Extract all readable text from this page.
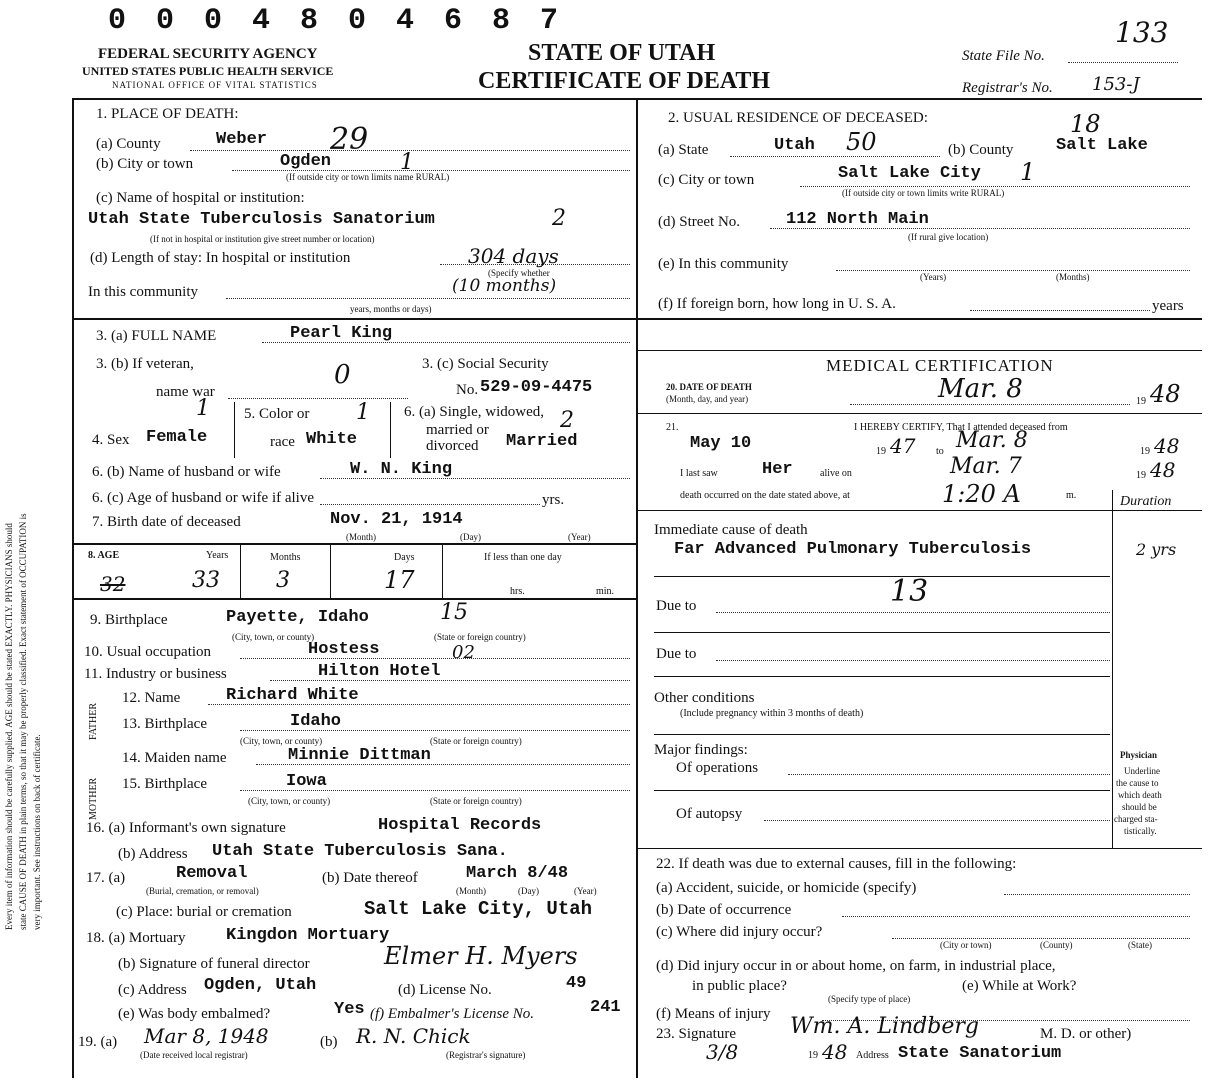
Every item of information should be carefully supplied. AGE should be stated EXACTLY. PHYSICIANS should state CAUSE OF DEATH in plain terms, so that it may be properly classified. Exact statement of OCCUPATION is very important. See instructions on back of certificate.
0 0 0 4 8 0 4 6 8 7	133
FEDERAL SECURITY AGENCY
UNITED STATES PUBLIC HEALTH SERVICE
NATIONAL OFFICE OF VITAL STATISTICS
STATE OF UTAH
CERTIFICATE OF DEATH
State File No.
Registrar's No. 153-J
1. PLACE OF DEATH:
(a) County	Weber 29
(b) City or town	Ogden	1
(If outside city or town limits name RURAL)
(c) Name of hospital or institution:
Utah State Tuberculosis Sanatorium	2
(If not in hospital or institution give street number or location)
(d) Length of stay: In hospital or institution	304 days
(Specify whether
In this community	(10 months)
years, months or days)
3. (a) FULL NAME	Pearl King
3. (b) If veteran,
name war
0	3. (c) Social Security
No. 529-09-4475
4. Sex Female
1 5. Color or
race White
1 6. (a) Single, widowed,
married or
divorced Married
2
6. (b) Name of husband or wife	W. N. King
6. (c) Age of husband or wife if alive	yrs.
7. Birth date of deceased	Nov. 21, 1914
(Month)	(Day)	(Year)
8. AGE	Years	Months	Days	If less than one day
32	33	3	17	hrs.	min.
9. Birthplace	Payette, Idaho	15
(City, town, or county)	(State or foreign country)
10. Usual occupation	Hostess	02
11. Industry or business	Hilton Hotel
FATHER
MOTHER
12. Name	Richard White
13. Birthplace	Idaho
(City, town, or county)	(State or foreign country)
14. Maiden name	Minnie Dittman
15. Birthplace	Iowa
(City, town, or county)	(State or foreign country)
16. (a) Informant's own signature	Hospital Records
(b) Address Utah State Tuberculosis Sana.
17. (a)	Removal
(Burial, cremation, or removal)
(b) Date thereof	March 8/48
(Month)	(Day)	(Year)
(c) Place: burial or cremation	Salt Lake City, Utah
18. (a) Mortuary Kingdon Mortuary
(b) Signature of funeral director	Elmer H. Myers
(c) Address Ogden, Utah	(d) License No.	49
(e) Was body embalmed?	Yes (f) Embalmer's License No.	241
19. (a) Mar 8, 1948	(b) R. N. Chick
(Date received local registrar)	(Registrar's signature)
2. USUAL RESIDENCE OF DECEASED:
(a) State	Utah 50	(b) County	Salt Lake
18
(c) City or town	Salt Lake City 1
(If outside city or town limits write RURAL)
(d) Street No.	112 North Main
(If rural give location)
(e) In this community
(Years)	(Months)
(f) If foreign born, how long in U. S. A.	years
MEDICAL CERTIFICATION
20. DATE OF DEATH
(Month, day, and year)	Mar. 8	19 48
21.	I HEREBY CERTIFY, That I attended deceased from
May 10	19 47 to Mar. 8	19 48
I last saw	Her	alive on	Mar. 7	19 48
death occurred on the date stated above, at	1:20 A	m.	Duration
Immediate cause of death
Far Advanced Pulmonary Tuberculosis	2 yrs
Due to	13
Due to
Other conditions
(Include pregnancy within 3 months of death)
Major findings:
Of operations
Of autopsy
Physician
Underline
the cause to
which death
should be
charged sta-
tistically.
22. If death was due to external causes, fill in the following:
(a) Accident, suicide, or homicide (specify)
(b) Date of occurrence
(c) Where did injury occur?
(City or town)	(County)	(State)
(d) Did injury occur in or about home, on farm, in industrial place,
in public place?
(Specify type of place)
(e) While at Work?
(f) Means of injury
23. Signature Wm. A. Lindberg	M. D. or other)
3/8	19 48 Address State Sanatorium
